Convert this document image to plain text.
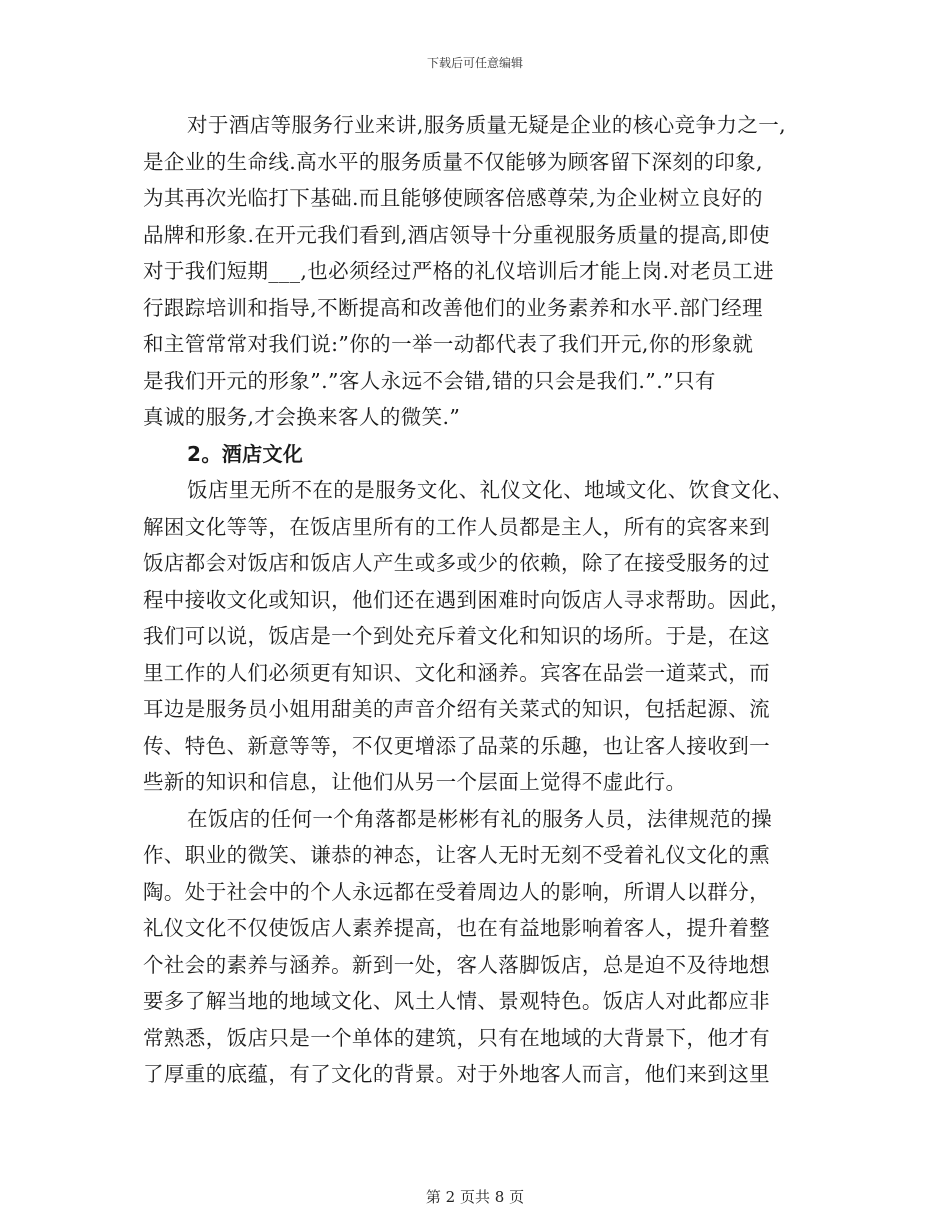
下载后可任意编辑
对于酒店等服务行业来讲,服务质量无疑是企业的核心竞争力之一,
是企业的生命线.高水平的服务质量不仅能够为顾客留下深刻的印象,
为其再次光临打下基础.而且能够使顾客倍感尊荣,为企业树立良好的
品牌和形象.在开元我们看到,酒店领导十分重视服务质量的提高,即使
对于我们短期___,也必须经过严格的礼仪培训后才能上岗.对老员工进
行跟踪培训和指导,不断提高和改善他们的业务素养和水平.部门经理
和主管常常对我们说:”你的一举一动都代表了我们开元,你的形象就
是我们开元的形象”.”客人永远不会错,错的只会是我们.”.”只有
真诚的服务,才会换来客人的微笑.”
2。酒店文化
饭店里无所不在的是服务文化、礼仪文化、地域文化、饮食文化、
解困文化等等，在饭店里所有的工作人员都是主人，所有的宾客来到
饭店都会对饭店和饭店人产生或多或少的依赖，除了在接受服务的过
程中接收文化或知识，他们还在遇到困难时向饭店人寻求帮助。因此，
我们可以说，饭店是一个到处充斥着文化和知识的场所。于是，在这
里工作的人们必须更有知识、文化和涵养。宾客在品尝一道菜式，而
耳边是服务员小姐用甜美的声音介绍有关菜式的知识，包括起源、流
传、特色、新意等等，不仅更增添了品菜的乐趣，也让客人接收到一
些新的知识和信息，让他们从另一个层面上觉得不虚此行。
在饭店的任何一个角落都是彬彬有礼的服务人员，法律规范的操
作、职业的微笑、谦恭的神态，让客人无时无刻不受着礼仪文化的熏
陶。处于社会中的个人永远都在受着周边人的影响，所谓人以群分，
礼仪文化不仅使饭店人素养提高，也在有益地影响着客人，提升着整
个社会的素养与涵养。新到一处，客人落脚饭店，总是迫不及待地想
要多了解当地的地域文化、风土人情、景观特色。饭店人对此都应非
常熟悉，饭店只是一个单体的建筑，只有在地域的大背景下，他才有
了厚重的底蕴，有了文化的背景。对于外地客人而言，他们来到这里
第 2 页共 8 页
